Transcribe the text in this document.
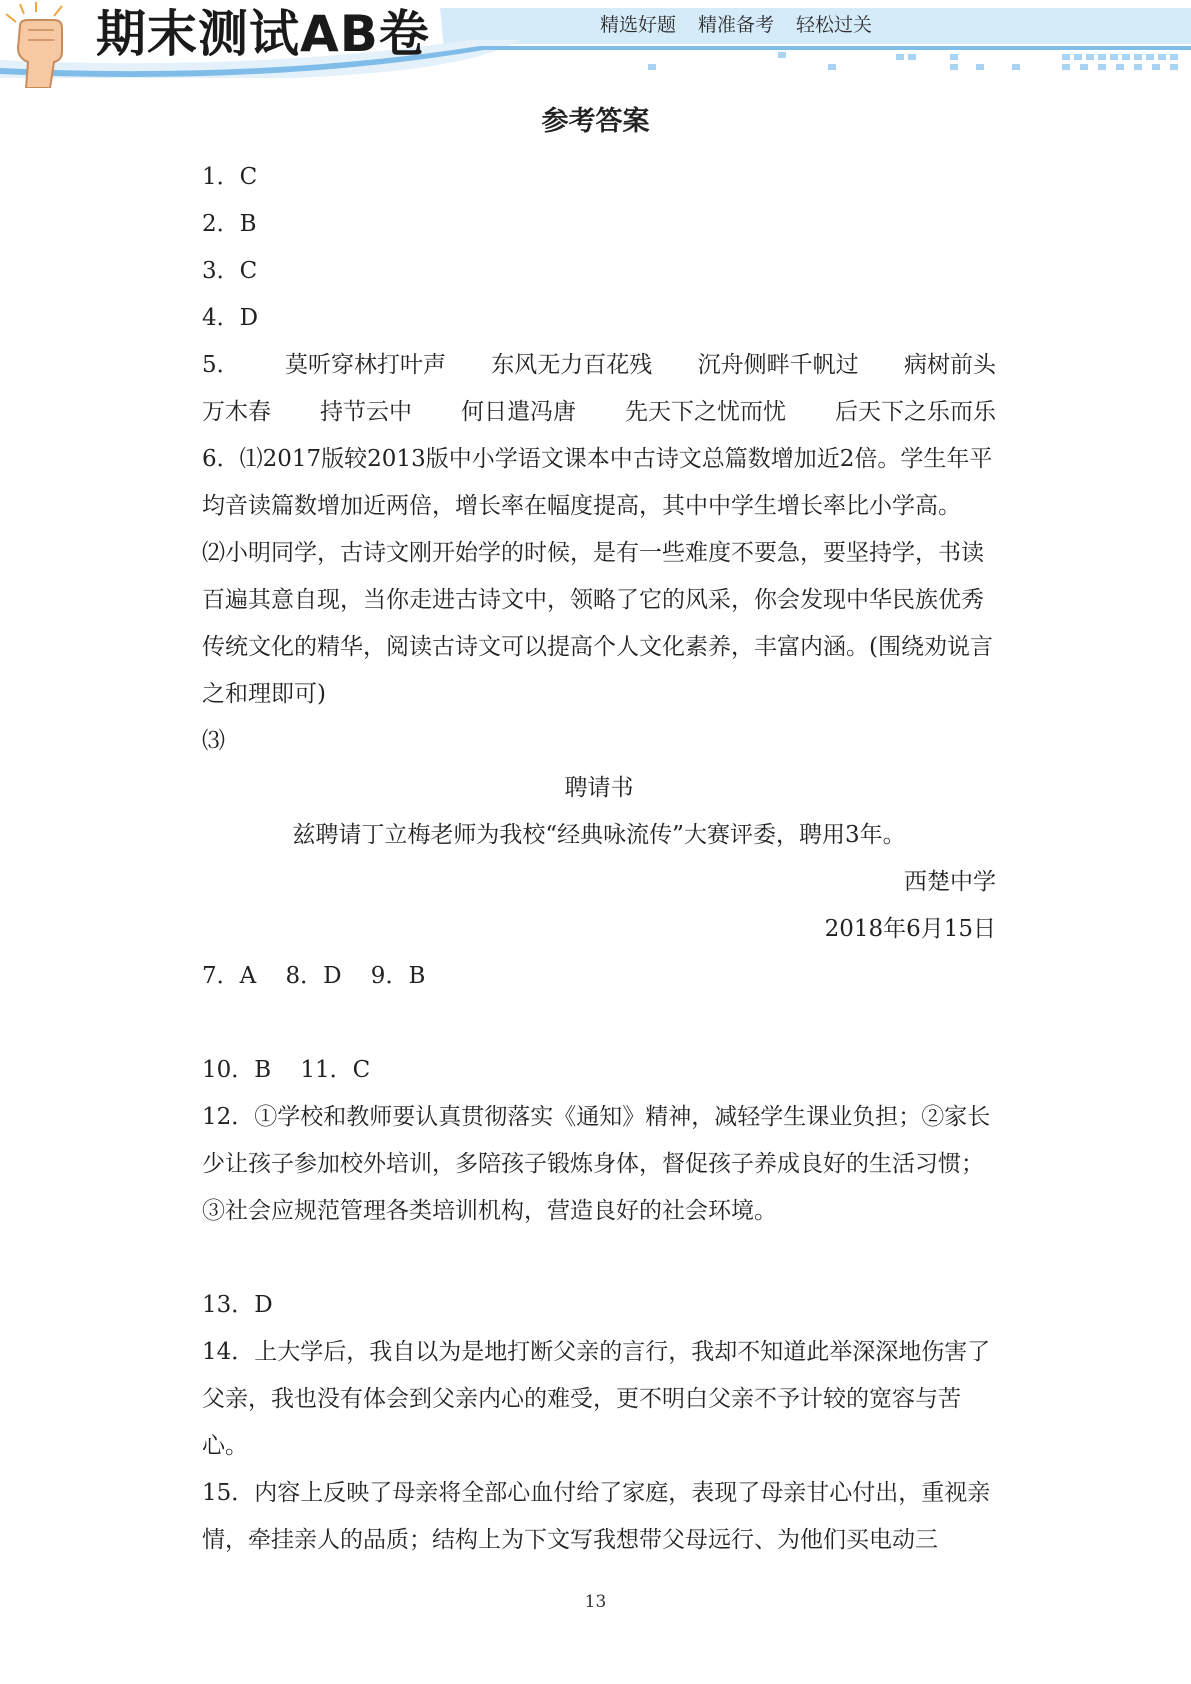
期末测试AB卷	精选好题 精准备考 轻松过关
参考答案
1．C
2．B
3．C
4．D
5． 莫听穿林打叶声 东风无力百花残 沉舟侧畔千帆过 病树前头
万木春 持节云中 何日遣冯唐 先天下之忧而忧 后天下之乐而乐
6．⑴2017版较2013版中小学语文课本中古诗文总篇数增加近2倍。学生年平均音读篇数增加近两倍，增长率在幅度提高，其中中学生增长率比小学高。
⑵小明同学，古诗文刚开始学的时候，是有一些难度不要急，要坚持学，书读百遍其意自现，当你走进古诗文中，领略了它的风采，你会发现中华民族优秀传统文化的精华，阅读古诗文可以提高个人文化素养，丰富内涵。(围绕劝说言之和理即可)
⑶
聘请书
兹聘请丁立梅老师为我校“经典咏流传”大赛评委，聘用3年。
西楚中学
2018年6月15日
7．A    8．D    9．B
10．B    11．C
12．①学校和教师要认真贯彻落实《通知》精神，减轻学生课业负担；②家长少让孩子参加校外培训，多陪孩子锻炼身体，督促孩子养成良好的生活习惯；③社会应规范管理各类培训机构，营造良好的社会环境。
13．D
14．上大学后，我自以为是地打断父亲的言行，我却不知道此举深深地伤害了父亲，我也没有体会到父亲内心的难受，更不明白父亲不予计较的宽容与苦心。
15．内容上反映了母亲将全部心血付给了家庭，表现了母亲甘心付出，重视亲情，牵挂亲人的品质；结构上为下文写我想带父母远行、为他们买电动三
13
